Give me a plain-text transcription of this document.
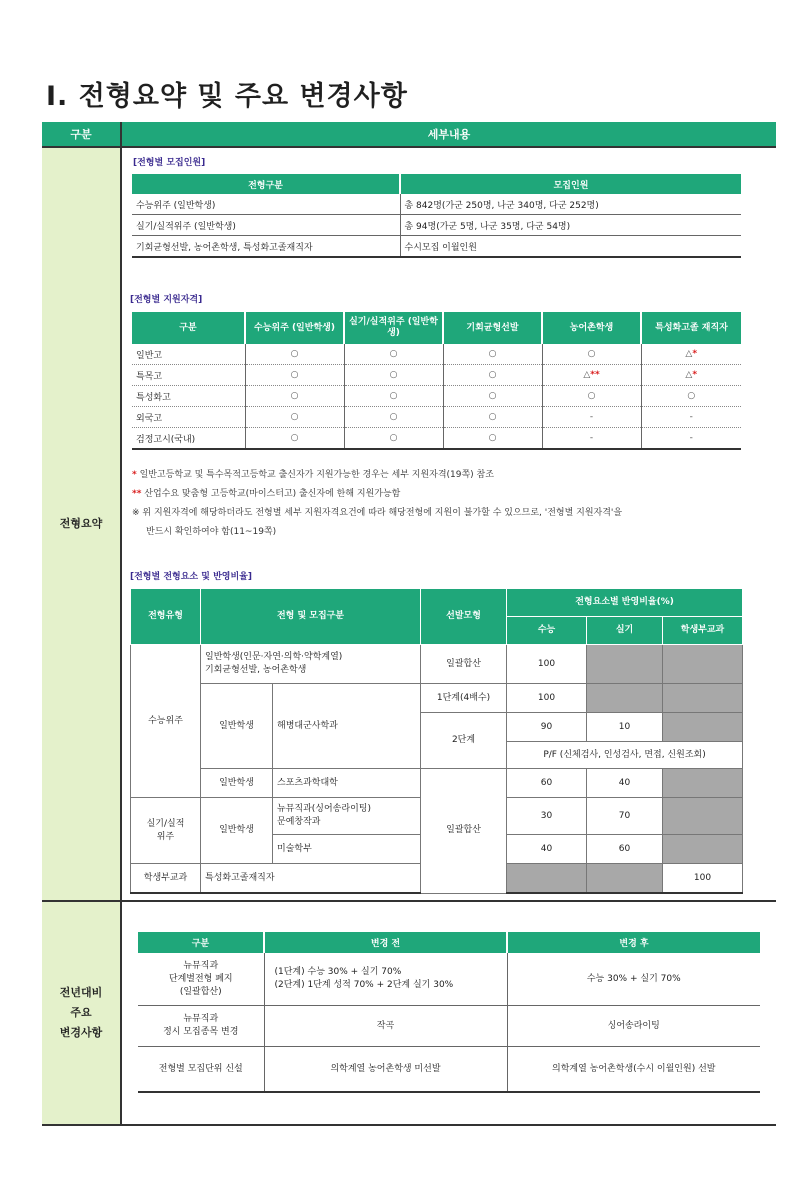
I. 전형요약 및 주요 변경사항
구분	세부내용
전형요약
전년대비
주요
변경사항
[전형별 모집인원]
전형구분	모집인원
수능위주 (일반학생)	총 842명(가군 250명, 나군 340명, 다군 252명)
실기/실적위주 (일반학생)	총 94명(가군 5명, 나군 35명, 다군 54명)
기회균형선발, 농어촌학생, 특성화고졸재직자	수시모집 이월인원
[전형별 지원자격]
구분	수능위주 (일반학생)	실기/실적위주 (일반학생)	기회균형선발	농어촌학생	특성화고졸 재직자
일반고	○	○	○	○	△*
특목고	○	○	○	△**	△*
특성화고	○	○	○	○	○
외국고	○	○	○	-	-
검정고시(국내)	○	○	○	-	-
* 일반고등학교 및 특수목적고등학교 출신자가 지원가능한 경우는 세부 지원자격(19쪽) 참조
** 산업수요 맞춤형 고등학교(마이스터고) 출신자에 한해 지원가능함
※ 위 지원자격에 해당하더라도 전형별 세부 지원자격요건에 따라 해당전형에 지원이 불가할 수 있으므로, '전형별 지원자격'을
반드시 확인하여야 함(11~19쪽)
[전형별 전형요소 및 반영비율]
전형유형	전형 및 모집구분		선발모형	전형요소별 반영비율(%)		
				수능	실기	학생부교과
수능위주	일반학생(인문·자연·의학·약학계열)
기회균형선발, 농어촌학생		일괄합산	100		
	일반학생	해병대군사학과	1단계(4배수)	100		
			2단계	90	10	
				P/F (신체검사, 인성검사, 면접, 신원조회)		
	일반학생	스포츠과학대학	일괄합산	60	40	
실기/실적
위주	일반학생	뉴뮤직과(싱어송라이팅)
문예창작과		30	70	
		미술학부		40	60	
학생부교과	특성화고졸재직자					100
구분	변경 전	변경 후
뉴뮤직과
단계별전형 폐지
(일괄합산)	(1단계) 수능 30% + 실기 70%
(2단계) 1단계 성적 70% + 2단계 실기 30%	수능 30% + 실기 70%
뉴뮤직과
정시 모집종목 변경	작곡	싱어송라이팅
전형별 모집단위 신설	의학계열 농어촌학생 미선발	의학계열 농어촌학생(수시 이월인원) 선발
